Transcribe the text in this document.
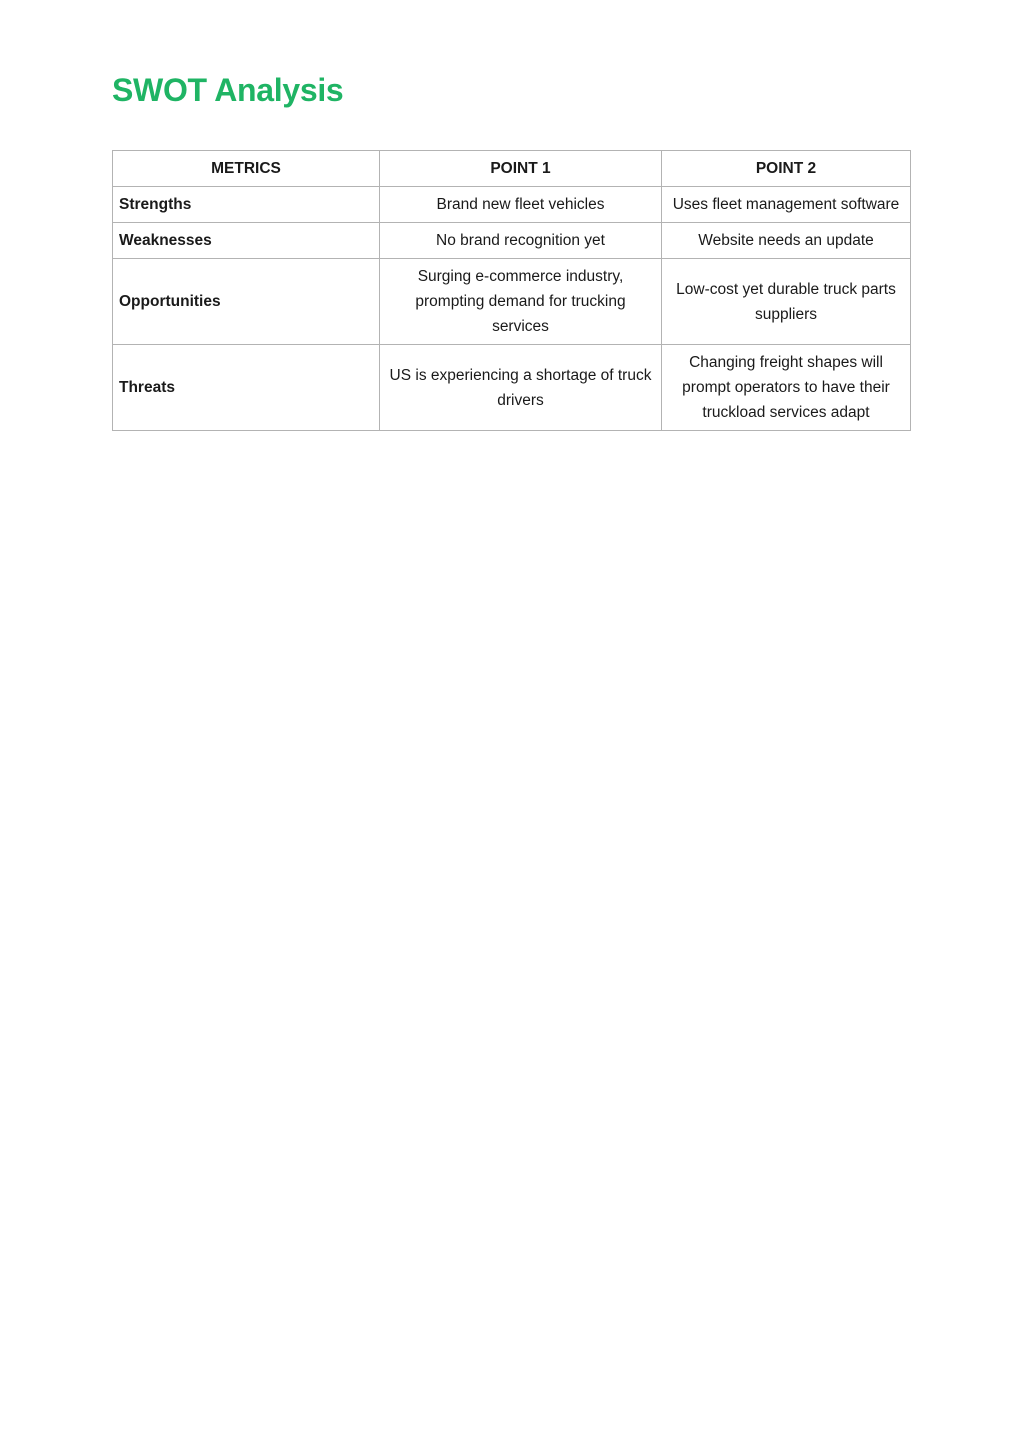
SWOT Analysis
METRICS	POINT 1	POINT 2
Strengths	Brand new fleet vehicles	Uses fleet management software
Weaknesses	No brand recognition yet	Website needs an update
Opportunities	Surging e-commerce industry, prompting demand for trucking services	Low-cost yet durable truck parts suppliers
Threats	US is experiencing a shortage of truck drivers	Changing freight shapes will prompt operators to have their truckload services adapt
